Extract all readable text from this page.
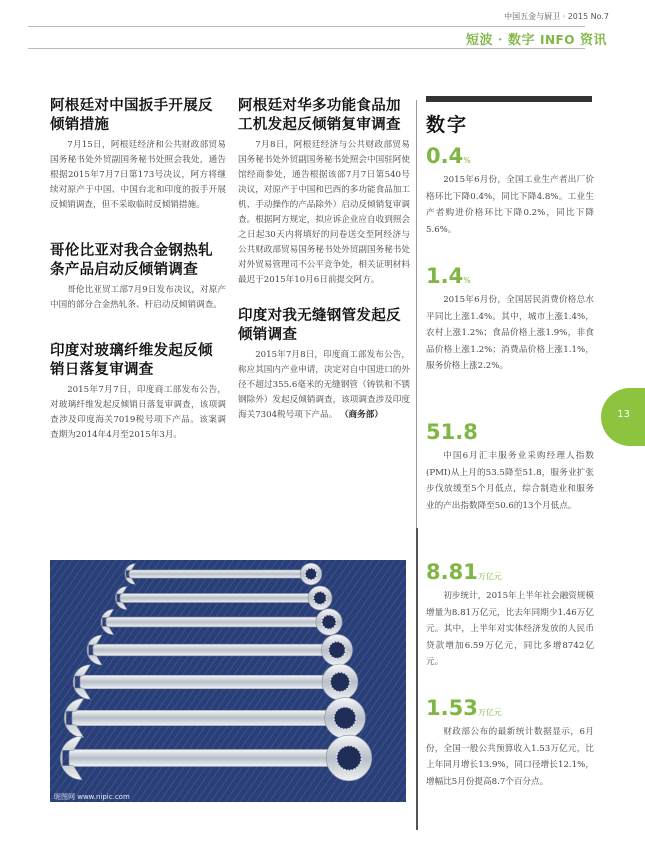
中国五金与厨卫 · 2015 No.7
短波 · 数字 INFO 资讯
阿根廷对中国扳手开展反倾销措施

7月15日，阿根廷经济和公共财政部贸易国务秘书处外贸副国务秘书处照会我处，通告根据2015年7月7日第173号决议，阿方将继续对原产于中国、中国台北和印度的扳手开展反倾销调查，但不采取临时反倾销措施。

哥伦比亚对我合金钢热轧条产品启动反倾销调查

哥伦比亚贸工部7月9日发布决议，对原产中国的部分合金热轧条、杆启动反倾销调查。

印度对玻璃纤维发起反倾销日落复审调查

2015年7月7日，印度商工部发布公告，对玻璃纤维发起反倾销日落复审调查，该项调查涉及印度海关7019税号项下产品。该案调查期为2014年4月至2015年3月。

阿根廷对华多功能食品加工机发起反倾销复审调查

7月8日，阿根廷经济与公共财政部贸易国务秘书处外贸副国务秘书处照会中国驻阿使馆经商参处，通告根据该部7月7日第540号决议，对原产于中国和巴西的多功能食品加工机、手动操作的产品除外）启动反倾销复审调查。根据阿方规定，拟应诉企业应自收到照会之日起30天内将填好的问卷送交至阿经济与公共财政部贸易国务秘书处外贸副国务秘书处对外贸易管理司不公平竞争处，相关证明材料最迟于2015年10月6日前提交阿方。

印度对我无缝钢管发起反倾销调查

2015年7月8日，印度商工部发布公告，称应其国内产业申请，决定对自中国进口的外径不超过355.6毫米的无缝钢管（铸铁和不锈钢除外）发起反倾销调查，该项调查涉及印度海关7304税号项下产品。 （商务部）

数字
0.4%

2015年6月份，全国工业生产者出厂价格环比下降0.4%，同比下降4.8%。工业生产者购进价格环比下降0.2%，同比下降5.6%。

1.4%

2015年6月份，全国居民消费价格总水平同比上涨1.4%。其中，城市上涨1.4%，农村上涨1.2%；食品价格上涨1.9%，非食品价格上涨1.2%；消费品价格上涨1.1%，服务价格上涨2.2%。

51.8

中国6月汇丰服务业采购经理人指数(PMI)从上月的53.5降至51.8，服务业扩张步伐放缓至5个月低点，综合制造业和服务业的产出指数降至50.6的13个月低点。

8.81万亿元

初步统计，2015年上半年社会融资规模增量为8.81万亿元，比去年同期少1.46万亿元。其中，上半年对实体经济发放的人民币贷款增加6.59万亿元，同比多增8742亿元。

1.53万亿元

财政部公布的最新统计数据显示，6月份，全国一般公共预算收入1.53万亿元，比上年同月增长13.9%，同口径增长12.1%，增幅比5月份提高8.7个百分点。

13
昵图网 www.nipic.com
